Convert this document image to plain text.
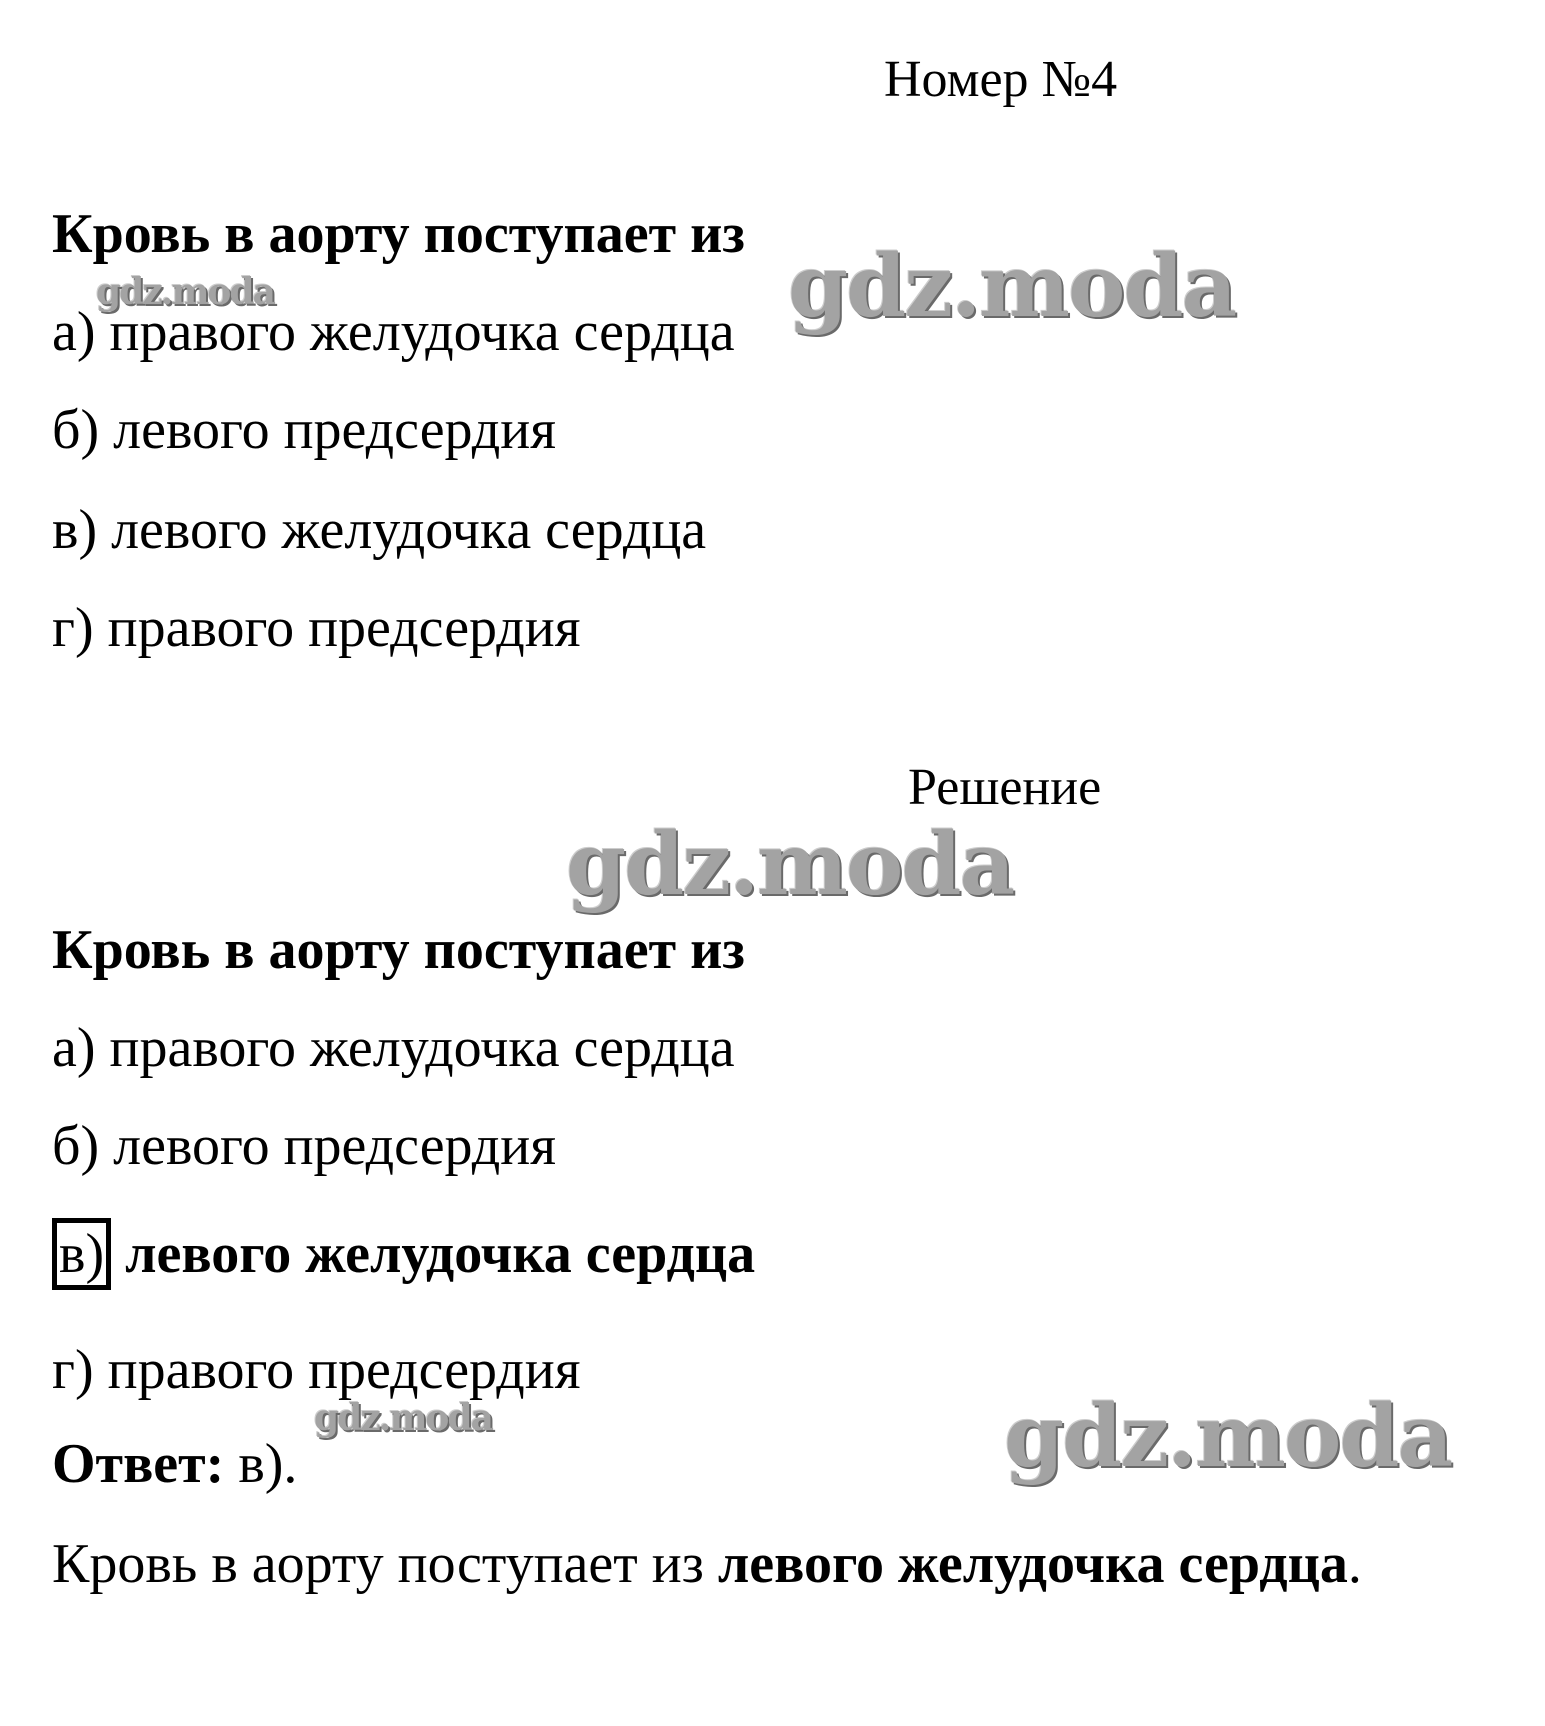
Номер №4
Кровь в аорту поступает из
а) правого желудочка сердца
б) левого предсердия
в) левого желудочка сердца
г) правого предсердия
Решение
Кровь в аорту поступает из
а) правого желудочка сердца
б) левого предсердия
в) левого желудочка сердца
г) правого предсердия
Ответ: в).
Кровь в аорту поступает из левого желудочка сердца.
gdz.moda	gdz.moda
gdz.moda
gdz.moda	gdz.moda
